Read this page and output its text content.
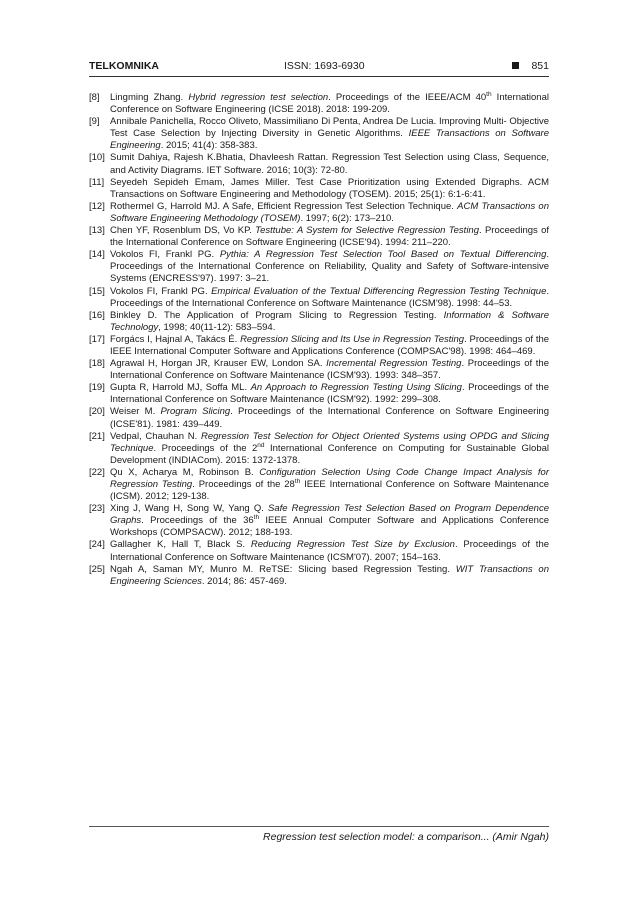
TELKOMNIKA	ISSN: 1693-6930	851

[8] Lingming Zhang. Hybrid regression test selection. Proceedings of the IEEE/ACM 40th International Conference on Software Engineering (ICSE 2018). 2018: 199-209.

[9] Annibale Panichella, Rocco Oliveto, Massimiliano Di Penta, Andrea De Lucia. Improving Multi- Objective Test Case Selection by Injecting Diversity in Genetic Algorithms. IEEE Transactions on Software Engineering. 2015; 41(4): 358-383.

[10] Sumit Dahiya, Rajesh K.Bhatia, Dhavleesh Rattan. Regression Test Selection using Class, Sequence, and Activity Diagrams. IET Software. 2016; 10(3): 72-80.

[11] Seyedeh Sepideh Emam, James Miller. Test Case Prioritization using Extended Digraphs. ACM Transactions on Software Engineering and Methodology (TOSEM). 2015; 25(1): 6:1-6:41.

[12] Rothermel G, Harrold MJ. A Safe, Efficient Regression Test Selection Technique. ACM Transactions on Software Engineering Methodology (TOSEM). 1997; 6(2): 173–210.

[13] Chen YF, Rosenblum DS, Vo KP. Testtube: A System for Selective Regression Testing. Proceedings of the International Conference on Software Engineering (ICSE'94). 1994: 211–220.

[14] Vokolos FI, Frankl PG. Pythia: A Regression Test Selection Tool Based on Textual Differencing. Proceedings of the International Conference on Reliability, Quality and Safety of Software-intensive Systems (ENCRESS'97). 1997: 3–21.

[15] Vokolos FI, Frankl PG. Empirical Evaluation of the Textual Differencing Regression Testing Technique. Proceedings of the International Conference on Software Maintenance (ICSM'98). 1998: 44–53.

[16] Binkley D. The Application of Program Slicing to Regression Testing. Information & Software Technology, 1998; 40(11-12): 583–594.

[17] Forgács I, Hajnal A, Takács É. Regression Slicing and Its Use in Regression Testing. Proceedings of the IEEE International Computer Software and Applications Conference (COMPSAC'98). 1998: 464–469.

[18] Agrawal H, Horgan JR, Krauser EW, London SA. Incremental Regression Testing. Proceedings of the International Conference on Software Maintenance (ICSM'93). 1993: 348–357.

[19] Gupta R, Harrold MJ, Soffa ML. An Approach to Regression Testing Using Slicing. Proceedings of the International Conference on Software Maintenance (ICSM'92). 1992: 299–308.

[20] Weiser M. Program Slicing. Proceedings of the International Conference on Software Engineering (ICSE'81). 1981: 439–449.

[21] Vedpal, Chauhan N. Regression Test Selection for Object Oriented Systems using OPDG and Slicing Technique. Proceedings of the 2nd International Conference on Computing for Sustainable Global Development (INDIACom). 2015: 1372-1378.

[22] Qu X, Acharya M, Robinson B. Configuration Selection Using Code Change Impact Analysis for Regression Testing. Proceedings of the 28th IEEE International Conference on Software Maintenance (ICSM). 2012; 129-138.

[23] Xing J, Wang H, Song W, Yang Q. Safe Regression Test Selection Based on Program Dependence Graphs. Proceedings of the 36th IEEE Annual Computer Software and Applications Conference Workshops (COMPSACW). 2012; 188-193.

[24] Gallagher K, Hall T, Black S. Reducing Regression Test Size by Exclusion. Proceedings of the International Conference on Software Maintenance (ICSM'07). 2007; 154–163.

[25] Ngah A, Saman MY, Munro M. ReTSE: Slicing based Regression Testing. WIT Transactions on Engineering Sciences. 2014; 86: 457-469.

Regression test selection model: a comparison... (Amir Ngah)
